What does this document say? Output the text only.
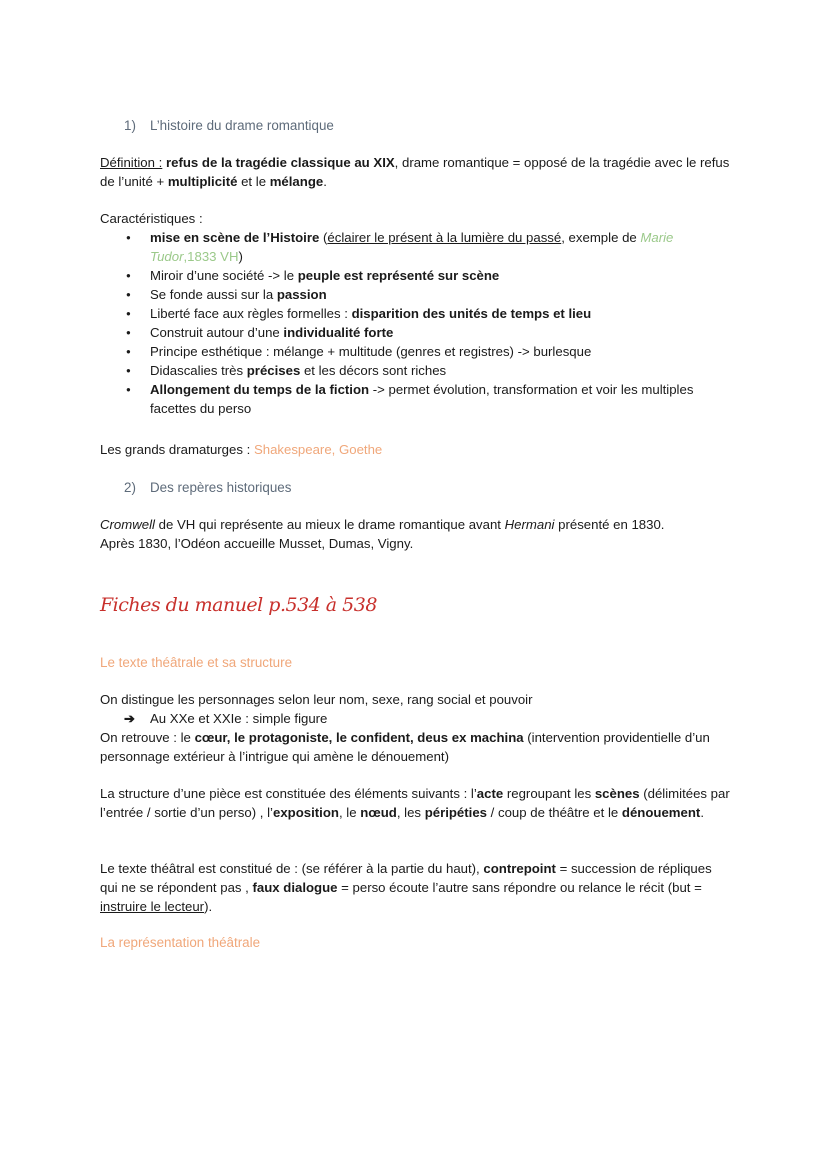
1) L’histoire du drame romantique

Définition : refus de la tragédie classique au XIX, drame romantique = opposé de la tragédie avec le refus de l’unité + multiplicité et le mélange.

Caractéristiques :

● mise en scène de l’Histoire (éclairer le présent à la lumière du passé, exemple de Marie Tudor,1833 VH)
● Miroir d’une société -> le peuple est représenté sur scène
● Se fonde aussi sur la passion
● Liberté face aux règles formelles : disparition des unités de temps et lieu
● Construit autour d’une individualité forte
● Principe esthétique : mélange + multitude (genres et registres) -> burlesque
● Didascalies très précises et les décors sont riches
● Allongement du temps de la fiction -> permet évolution, transformation et voir les multiples facettes du perso

Les grands dramaturges : Shakespeare, Goethe

2) Des repères historiques

Cromwell de VH qui représente au mieux le drame romantique avant Hermani présenté en 1830.

Après 1830, l’Odéon accueille Musset, Dumas, Vigny.

Fiches du manuel p.534 à 538
Le texte théâtrale et sa structure

On distingue les personnages selon leur nom, sexe, rang social et pouvoir

➔ Au XXe et XXIe : simple figure

On retrouve : le cœur, le protagoniste, le confident, deus ex machina (intervention providentielle d’un personnage extérieur à l’intrigue qui amène le dénouement)

La structure d’une pièce est constituée des éléments suivants : l’acte regroupant les scènes (délimitées par l’entrée / sortie d’un perso) , l’exposition, le nœud, les péripéties / coup de théâtre et le dénouement.

Le texte théâtral est constitué de : (se référer à la partie du haut), contrepoint = succession de répliques qui ne se répondent pas , faux dialogue = perso écoute l’autre sans répondre ou relance le récit (but = instruire le lecteur).

La représentation théâtrale
